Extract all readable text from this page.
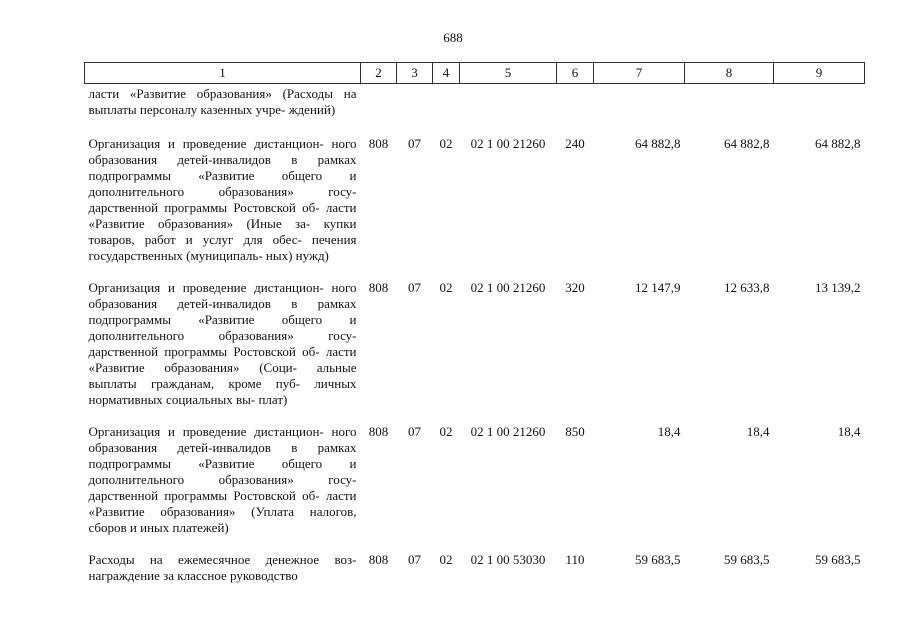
688
1	2	3	4	5	6	7	8	9
ласти «Развитие образования» (Расходы на выплаты персоналу казенных учре- ждений)								
Организация и проведение дистанцион- ного образования детей-инвалидов в рамках подпрограммы «Развитие общего и дополнительного образования» госу- дарственной программы Ростовской об- ласти «Развитие образования» (Иные за- купки товаров, работ и услуг для обес- печения государственных (муниципаль- ных) нужд)	808	07	02	02 1 00 21260	240	64 882,8	64 882,8	64 882,8
Организация и проведение дистанцион- ного образования детей-инвалидов в рамках подпрограммы «Развитие общего и дополнительного образования» госу- дарственной программы Ростовской об- ласти «Развитие образования» (Соци- альные выплаты гражданам, кроме пуб- личных нормативных социальных вы- плат)	808	07	02	02 1 00 21260	320	12 147,9	12 633,8	13 139,2
Организация и проведение дистанцион- ного образования детей-инвалидов в рамках подпрограммы «Развитие общего и дополнительного образования» госу- дарственной программы Ростовской об- ласти «Развитие образования» (Уплата налогов, сборов и иных платежей)	808	07	02	02 1 00 21260	850	18,4	18,4	18,4
Расходы на ежемесячное денежное воз- награждение за классное руководство	808	07	02	02 1 00 53030	110	59 683,5	59 683,5	59 683,5
